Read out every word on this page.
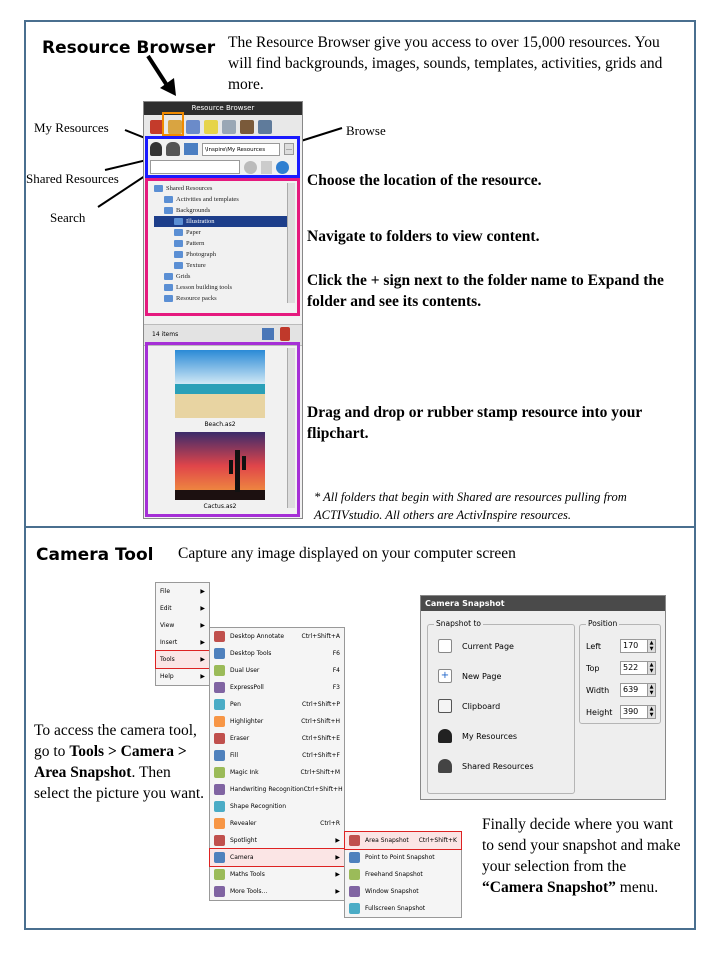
Resource Browser The Resource Browser give you access to over 15,000 resources. You will find backgrounds, images, sounds, templates, activities, grids and more.
My Resources
Shared Resources
Search
Browse
Resource Browser
\Inspire\My Resources	…
14 items
Shared Resources
Activities and templates
Backgrounds
Illustration
Paper
Pattern
Photograph
Texture
Grids
Lesson building tools
Resource packs
Beach.as2
Cactus.as2
Choose the location of the resource.
Navigate to folders to view content.
Click the + sign next to the folder name to Expand the folder and see its contents.
Drag and drop or rubber stamp resource into your flipchart.
* All folders that begin with Shared are resources pulling from ACTIVstudio. All others are ActivInspire resources.
Camera Tool Capture any image displayed on your computer screen
File	▶
Edit	▶
View	▶
Insert	▶
Tools	▶
Help	▶
Desktop Annotate	Ctrl+Shift+A
Desktop Tools	F6
Dual User	F4
ExpressPoll	F3
Pen	Ctrl+Shift+P
Highlighter	Ctrl+Shift+H
Eraser	Ctrl+Shift+E
Fill	Ctrl+Shift+F
Magic Ink	Ctrl+Shift+M
Handwriting Recognition Ctrl+Shift+H
Shape Recognition
Revealer	Ctrl+R
Spotlight	▶
Camera	▶
Maths Tools	▶
More Tools...	▶
Area Snapshot Ctrl+Shift+K
Point to Point Snapshot
Freehand Snapshot
Window Snapshot
Fullscreen Snapshot
To access the camera tool, go to Tools > Camera > Area Snapshot. Then select the picture you want.
Camera Snapshot
Snapshot to
Current Page
+	New Page
Clipboard
My Resources
Shared Resources
Position
Left	170	▲
▼
Top	522	▲
▼
Width	639	▲
▼
Height	390	▲
▼
Finally decide where you want to send your snapshot and make your selection from the “Camera Snapshot” menu.
